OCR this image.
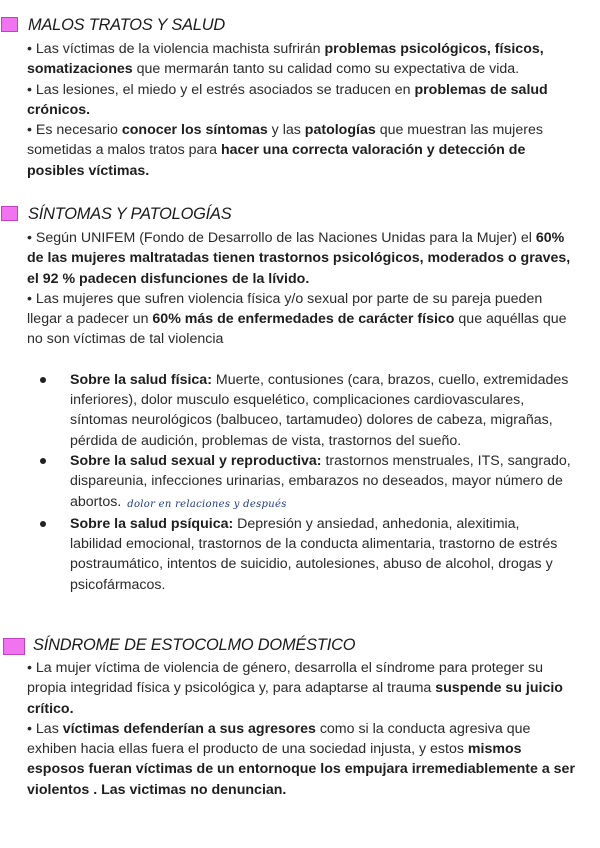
MALOS TRATOS Y SALUD

• Las víctimas de la violencia machista sufrirán problemas psicológicos, físicos, somatizaciones que mermarán tanto su calidad como su expectativa de vida.

• Las lesiones, el miedo y el estrés asociados se traducen en problemas de salud crónicos.

• Es necesario conocer los síntomas y las patologías que muestran las mujeres sometidas a malos tratos para hacer una correcta valoración y detección de posibles víctimas.

SÍNTOMAS Y PATOLOGÍAS

• Según UNIFEM (Fondo de Desarrollo de las Naciones Unidas para la Mujer) el 60% de las mujeres maltratadas tienen trastornos psicológicos, moderados o graves, el 92 % padecen disfunciones de la lívido.

• Las mujeres que sufren violencia física y/o sexual por parte de su pareja pueden llegar a padecer un 60% más de enfermedades de carácter físico que aquéllas que no son víctimas de tal violencia

Sobre la salud física: Muerte, contusiones (cara, brazos, cuello, extremidades inferiores), dolor musculo esquelético, complicaciones cardiovasculares, síntomas neurológicos (balbuceo, tartamudeo) dolores de cabeza, migrañas, pérdida de audición, problemas de vista, trastornos del sueño.
Sobre la salud sexual y reproductiva: trastornos menstruales, ITS, sangrado, dispareunia, infecciones urinarias, embarazos no deseados, mayor número de abortos. dolor en relaciones y después
Sobre la salud psíquica: Depresión y ansiedad, anhedonia, alexitimia, labilidad emocional, trastornos de la conducta alimentaria, trastorno de estrés postraumático, intentos de suicidio, autolesiones, abuso de alcohol, drogas y psicofármacos.
SÍNDROME DE ESTOCOLMO DOMÉSTICO

• La mujer víctima de violencia de género, desarrolla el síndrome para proteger su propia integridad física y psicológica y, para adaptarse al trauma suspende su juicio crítico.

• Las víctimas defenderían a sus agresores como si la conducta agresiva que exhiben hacia ellas fuera el producto de una sociedad injusta, y estos mismos esposos fueran víctimas de un entornoque los empujara irremediablemente a ser violentos . Las victimas no denuncian.
